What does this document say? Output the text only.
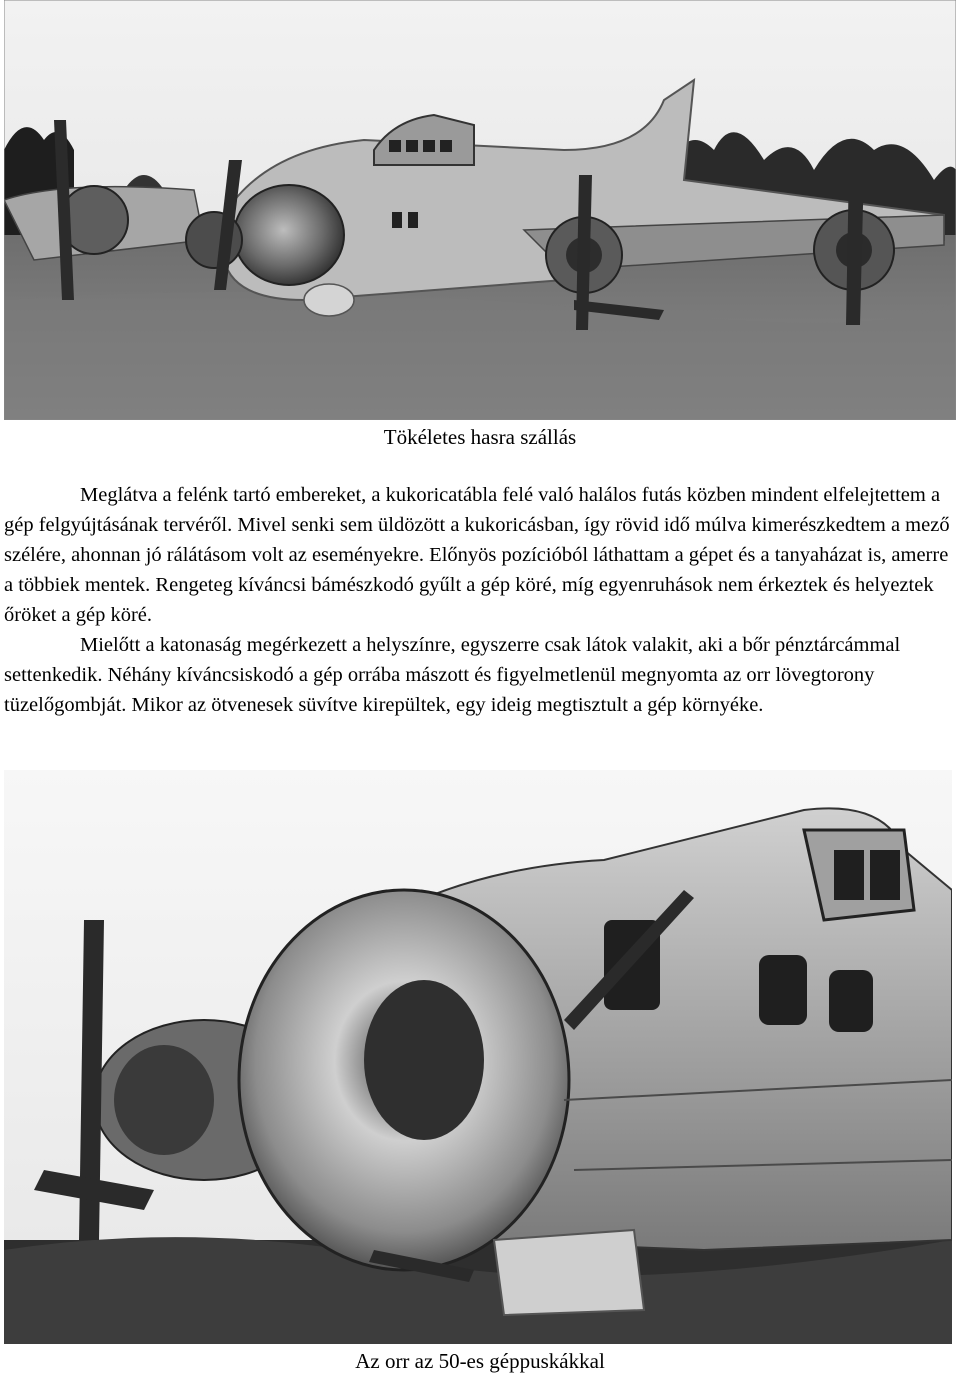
Tökéletes hasra szállás

Meglátva a felénk tartó embereket, a kukoricatábla felé való halálos futás közben mindent elfelejtettem a gép felgyújtásának tervéről. Mivel senki sem üldözött a kukoricásban, így rövid idő múlva kimerészkedtem a mező szélére, ahonnan jó rálátásom volt az eseményekre. Előnyös pozícióból láthattam a gépet és a tanyaházat is, amerre a többiek mentek. Rengeteg kíváncsi bámészkodó gyűlt a gép köré, míg egyenruhások nem érkeztek és helyeztek őröket a gép köré.

Mielőtt a katonaság megérkezett a helyszínre, egyszerre csak látok valakit, aki a bőr pénztárcámmal settenkedik. Néhány kíváncsiskodó a gép orrába mászott és figyelmetlenül megnyomta az orr lövegtorony tüzelőgombját. Mikor az ötvenesek süvítve kirepültek, egy ideig megtisztult a gép környéke.

Az orr az 50-es géppuskákkal
